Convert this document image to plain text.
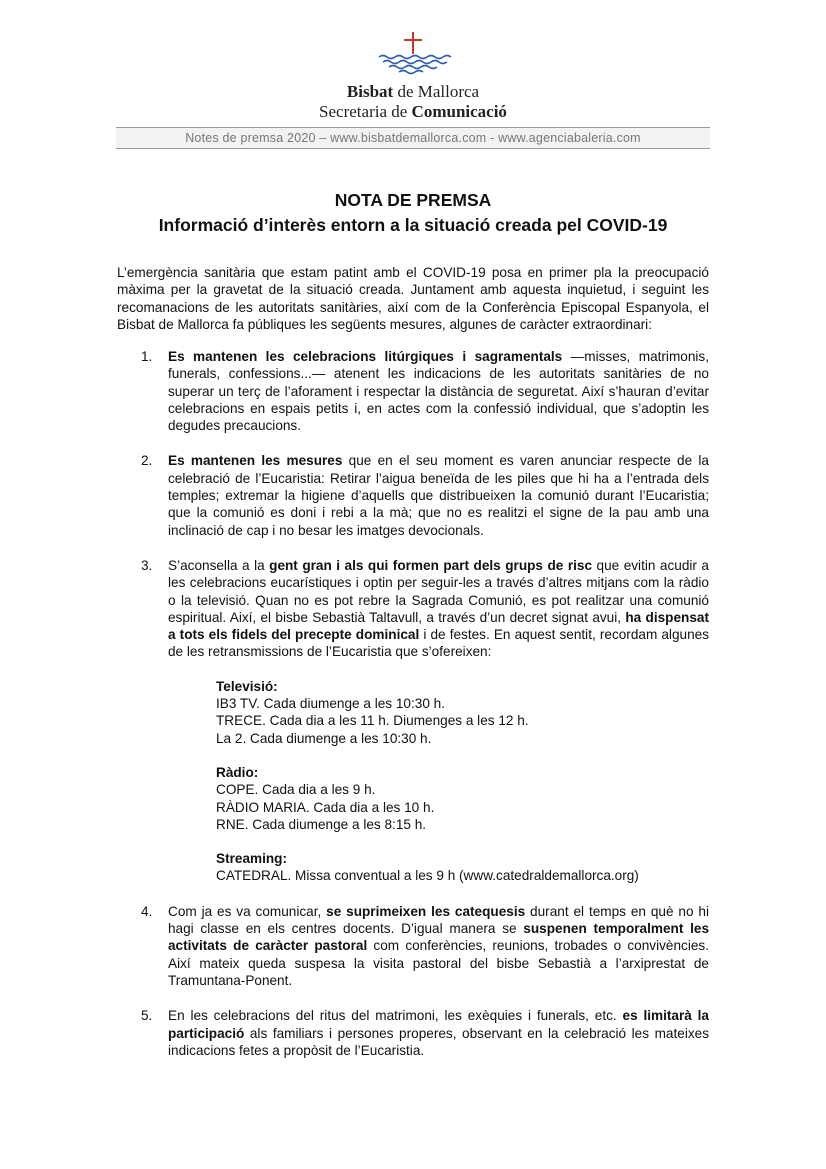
Bisbat de Mallorca
Secretaria de Comunicació
Notes de premsa 2020 – www.bisbatdemallorca.com - www.agenciabaleria.com
NOTA DE PREMSA
Informació d’interès entorn a la situació creada pel COVID-19
L’emergència sanitària que estam patint amb el COVID-19 posa en primer pla la preocupació màxima per la gravetat de la situació creada. Juntament amb aquesta inquietud, i seguint les recomanacions de les autoritats sanitàries, així com de la Conferència Episcopal Espanyola, el Bisbat de Mallorca fa públiques les següents mesures, algunes de caràcter extraordinari:
1. Es mantenen les celebracions litúrgiques i sagramentals —misses, matrimonis, funerals, confessions...— atenent les indicacions de les autoritats sanitàries de no superar un terç de l’aforament i respectar la distància de seguretat. Així s’hauran d’evitar celebracions en espais petits i, en actes com la confessió individual, que s’adoptin les degudes precaucions.
2. Es mantenen les mesures que en el seu moment es varen anunciar respecte de la celebració de l’Eucaristia: Retirar l’aigua beneïda de les piles que hi ha a l’entrada dels temples; extremar la higiene d’aquells que distribueixen la comunió durant l’Eucaristia; que la comunió es doni i rebi a la mà; que no es realitzi el signe de la pau amb una inclinació de cap i no besar les imatges devocionals.
3. S’aconsella a la gent gran i als qui formen part dels grups de risc que evitin acudir a les celebracions eucarístiques i optin per seguir-les a través d’altres mitjans com la ràdio o la televisió. Quan no es pot rebre la Sagrada Comunió, es pot realitzar una comunió espiritual. Així, el bisbe Sebastià Taltavull, a través d’un decret signat avui, ha dispensat a tots els fidels del precepte dominical i de festes. En aquest sentit, recordam algunes de les retransmissions de l’Eucaristia que s’ofereixen:
Televisió:
IB3 TV. Cada diumenge a les 10:30 h.
TRECE. Cada dia a les 11 h. Diumenges a les 12 h.
La 2. Cada diumenge a les 10:30 h.
Ràdio:
COPE. Cada dia a les 9 h.
RÀDIO MARIA. Cada dia a les 10 h.
RNE. Cada diumenge a les 8:15 h.
Streaming:
CATEDRAL. Missa conventual a les 9 h (www.catedraldemallorca.org)
4. Com ja es va comunicar, se suprimeixen les catequesis durant el temps en què no hi hagi classe en els centres docents. D’igual manera se suspenen temporalment les activitats de caràcter pastoral com conferències, reunions, trobades o convivències. Així mateix queda suspesa la visita pastoral del bisbe Sebastià a l’arxiprestat de Tramuntana-Ponent.
5. En les celebracions del ritus del matrimoni, les exèquies i funerals, etc. es limitarà la participació als familiars i persones properes, observant en la celebració les mateixes indicacions fetes a propòsit de l’Eucaristia.
